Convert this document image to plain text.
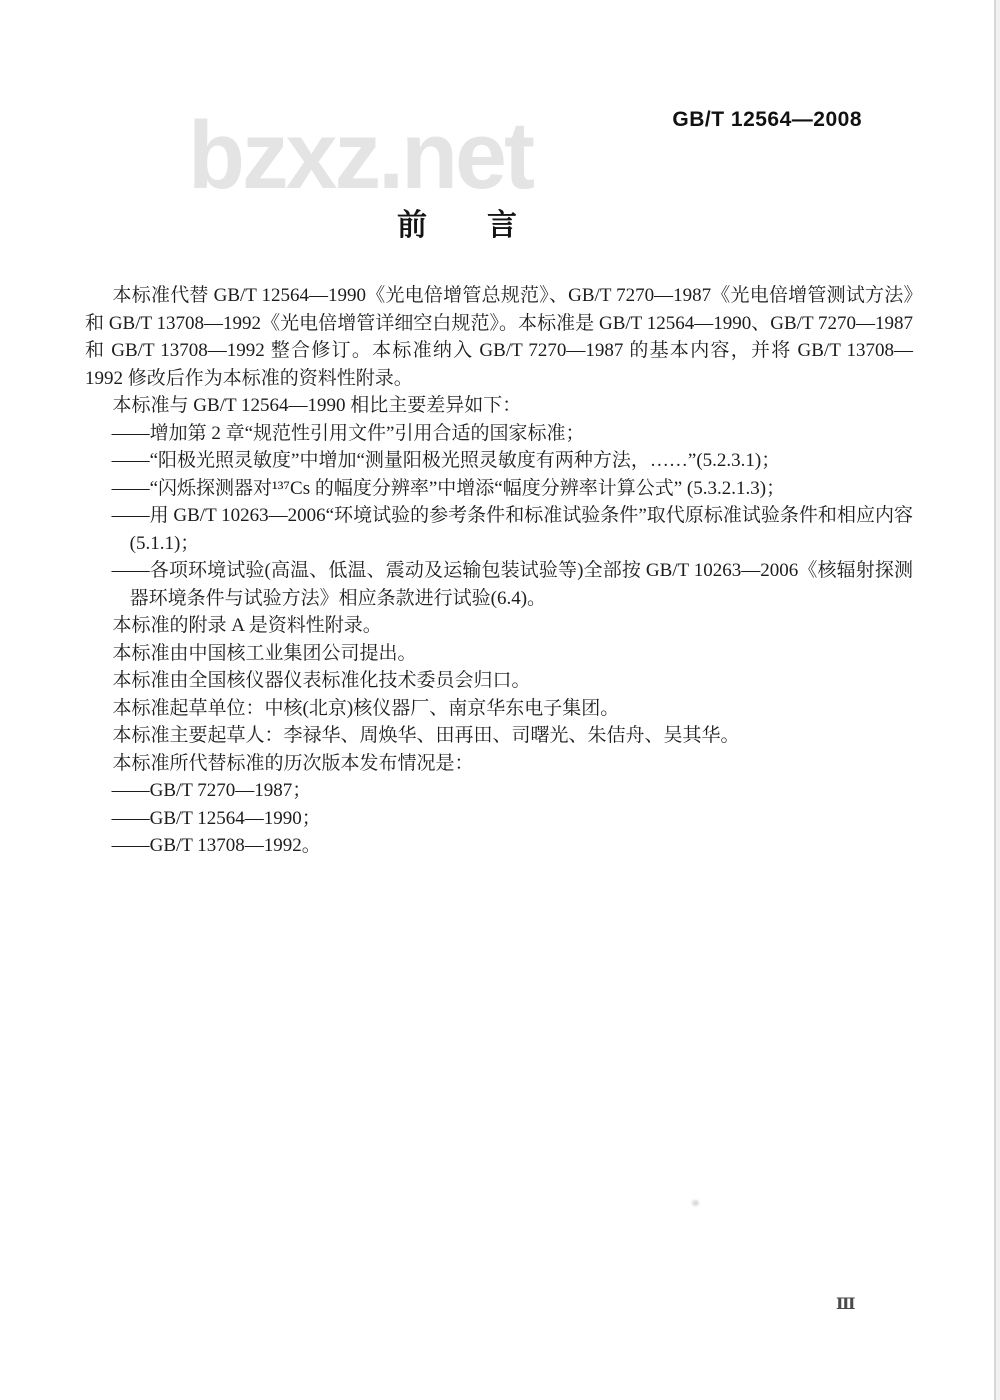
GB/T 12564—2008
bzxz.net
前　　言
本标准代替 GB/T 12564—1990《光电倍增管总规范》、GB/T 7270—1987《光电倍增管测试方法》和 GB/T 13708—1992《光电倍增管详细空白规范》。本标准是 GB/T 12564—1990、GB/T 7270—1987 和 GB/T 13708—1992 整合修订。本标准纳入 GB/T 7270—1987 的基本内容，并将 GB/T 13708—1992 修改后作为本标准的资料性附录。
本标准与 GB/T 12564—1990 相比主要差异如下：
——增加第 2 章“规范性引用文件”引用合适的国家标准；
——“阳极光照灵敏度”中增加“测量阳极光照灵敏度有两种方法，……”(5.2.3.1)；
——“闪烁探测器对¹³⁷Cs 的幅度分辨率”中增添“幅度分辨率计算公式” (5.3.2.1.3)；
——用 GB/T 10263—2006“环境试验的参考条件和标准试验条件”取代原标准试验条件和相应内容(5.1.1)；
——各项环境试验(高温、低温、震动及运输包装试验等)全部按 GB/T 10263—2006《核辐射探测器环境条件与试验方法》相应条款进行试验(6.4)。
本标准的附录 A 是资料性附录。
本标准由中国核工业集团公司提出。
本标准由全国核仪器仪表标准化技术委员会归口。
本标准起草单位：中核(北京)核仪器厂、南京华东电子集团。
本标准主要起草人：李禄华、周焕华、田再田、司曙光、朱佶舟、吴其华。
本标准所代替标准的历次版本发布情况是：
——GB/T 7270—1987；
——GB/T 12564—1990；
——GB/T 13708—1992。
Ⅲ
